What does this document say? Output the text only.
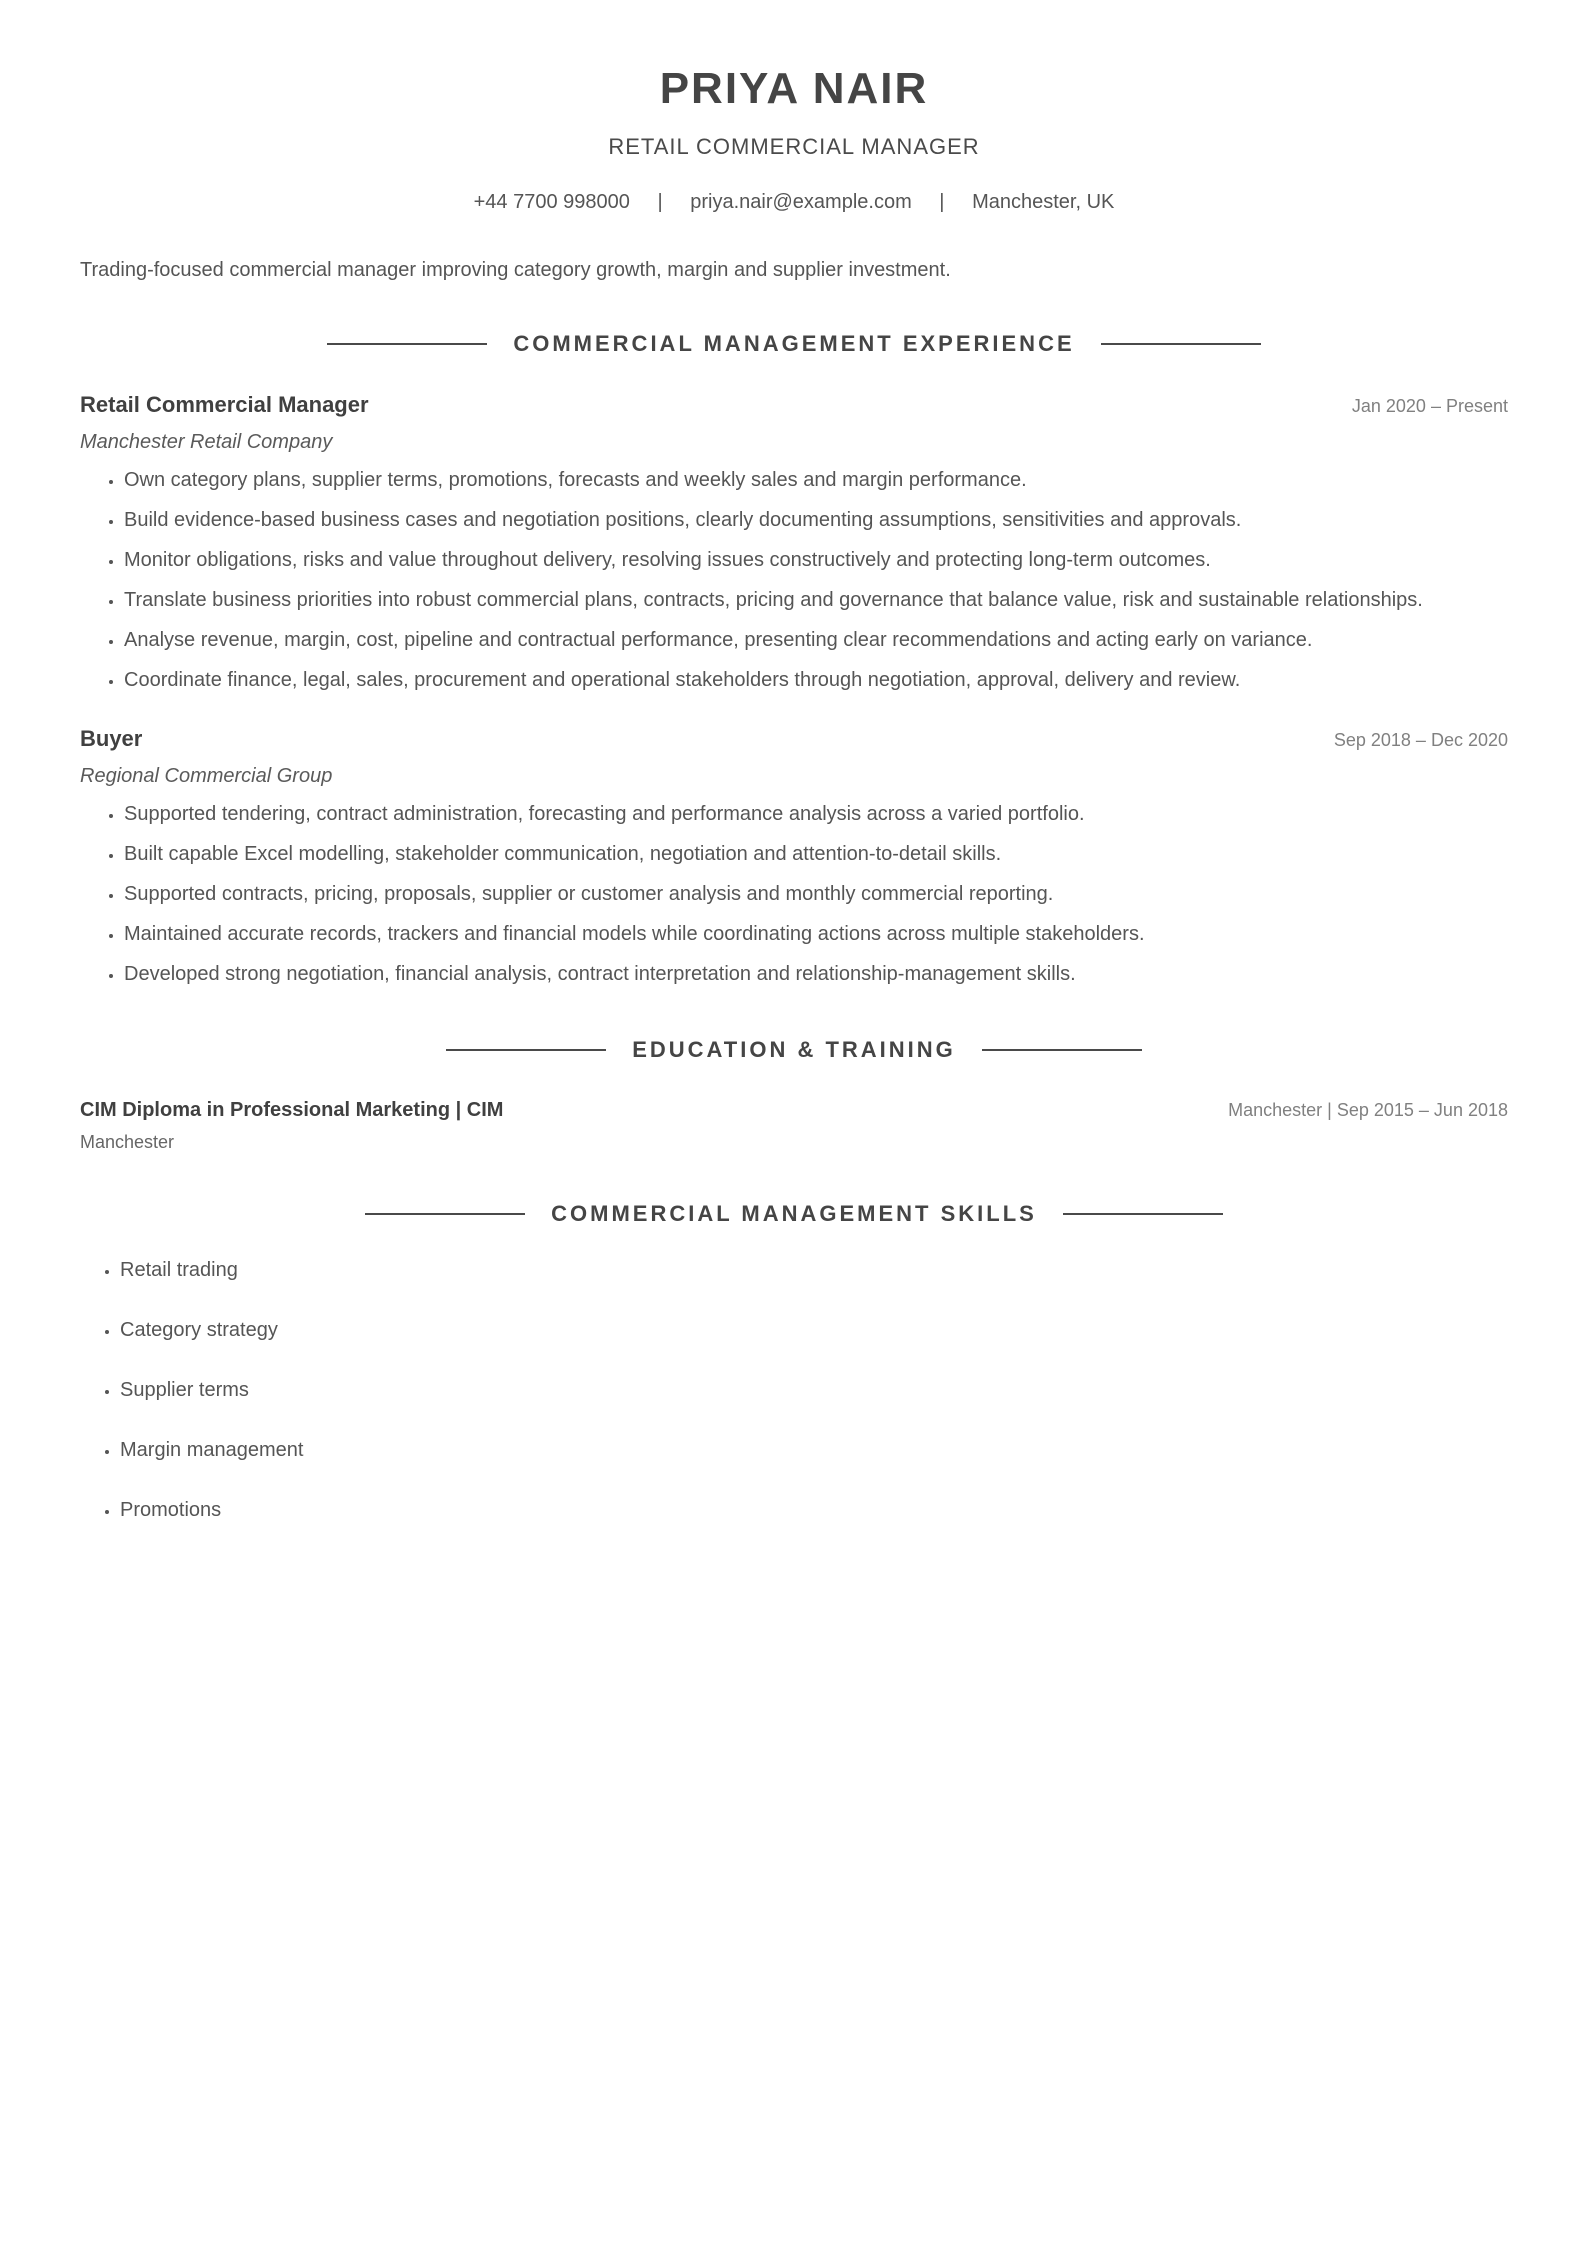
PRIYA NAIR
RETAIL COMMERCIAL MANAGER
+44 7700 998000 | priya.nair@example.com | Manchester, UK
Trading-focused commercial manager improving category growth, margin and supplier investment.
COMMERCIAL MANAGEMENT EXPERIENCE
Retail Commercial Manager	Jan 2020 – Present
Manchester Retail Company
• Own category plans, supplier terms, promotions, forecasts and weekly sales and margin performance.
• Build evidence-based business cases and negotiation positions, clearly documenting assumptions, sensitivities and approvals.
• Monitor obligations, risks and value throughout delivery, resolving issues constructively and protecting long-term outcomes.
• Translate business priorities into robust commercial plans, contracts, pricing and governance that balance value, risk and sustainable relationships.
• Analyse revenue, margin, cost, pipeline and contractual performance, presenting clear recommendations and acting early on variance.
• Coordinate finance, legal, sales, procurement and operational stakeholders through negotiation, approval, delivery and review.
Buyer	Sep 2018 – Dec 2020
Regional Commercial Group
• Supported tendering, contract administration, forecasting and performance analysis across a varied portfolio.
• Built capable Excel modelling, stakeholder communication, negotiation and attention-to-detail skills.
• Supported contracts, pricing, proposals, supplier or customer analysis and monthly commercial reporting.
• Maintained accurate records, trackers and financial models while coordinating actions across multiple stakeholders.
• Developed strong negotiation, financial analysis, contract interpretation and relationship-management skills.
EDUCATION & TRAINING
CIM Diploma in Professional Marketing | CIM	Manchester | Sep 2015 – Jun 2018
Manchester
COMMERCIAL MANAGEMENT SKILLS
• Retail trading
• Category strategy
• Supplier terms
• Margin management
• Promotions
